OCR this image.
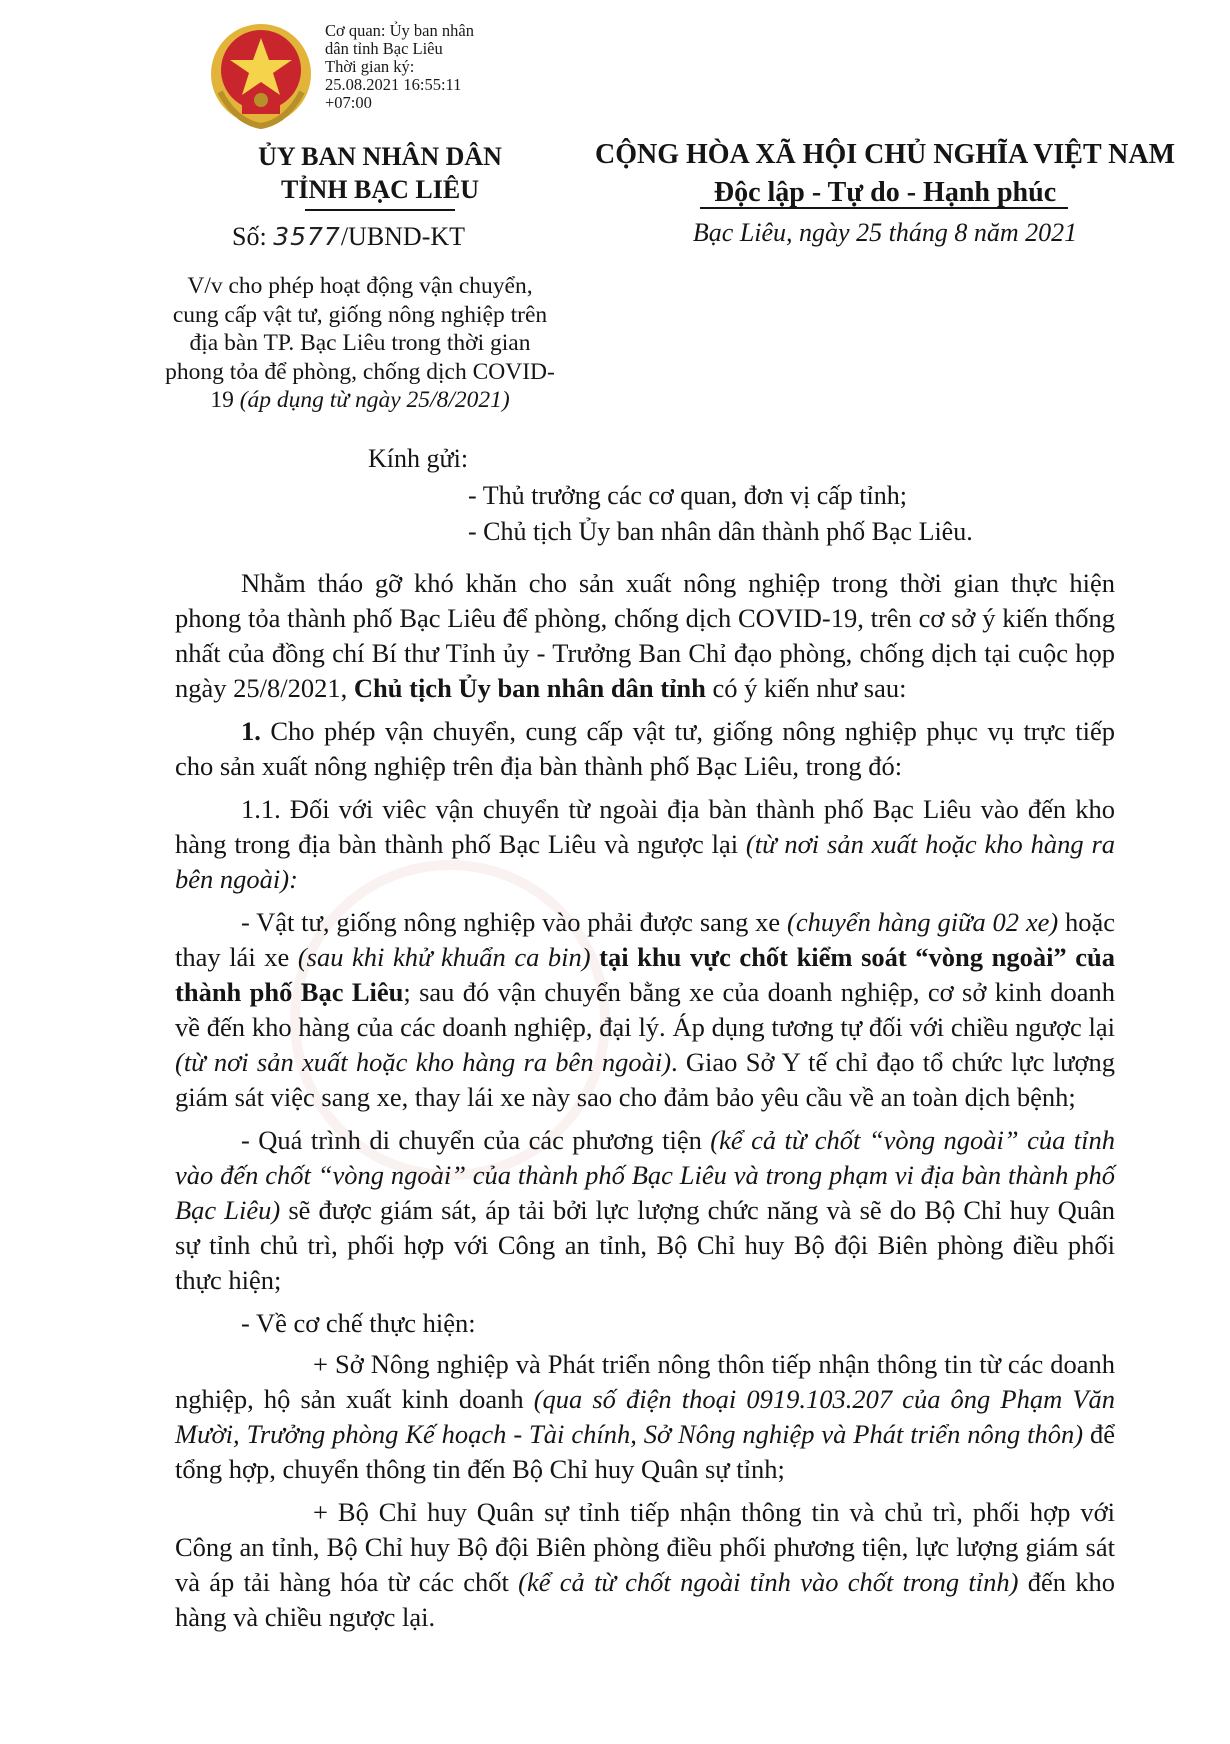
Cơ quan: Ủy ban nhân
dân tỉnh Bạc Liêu
Thời gian ký:
25.08.2021 16:55:11
+07:00
ỦY BAN NHÂN DÂN
TỈNH BẠC LIÊU
CỘNG HÒA XÃ HỘI CHỦ NGHĨA VIỆT NAM
Độc lập - Tự do - Hạnh phúc
Số: 3577/UBND-KT	Bạc Liêu, ngày 25 tháng 8 năm 2021
V/v cho phép hoạt động vận chuyển,
cung cấp vật tư, giống nông nghiệp trên
địa bàn TP. Bạc Liêu trong thời gian
phong tỏa để phòng, chống dịch COVID-
19 (áp dụng từ ngày 25/8/2021)
Kính gửi:
- Thủ trưởng các cơ quan, đơn vị cấp tỉnh;
- Chủ tịch Ủy ban nhân dân thành phố Bạc Liêu.

Nhằm tháo gỡ khó khăn cho sản xuất nông nghiệp trong thời gian thực hiện phong tỏa thành phố Bạc Liêu để phòng, chống dịch COVID-19, trên cơ sở ý kiến thống nhất của đồng chí Bí thư Tỉnh ủy - Trưởng Ban Chỉ đạo phòng, chống dịch tại cuộc họp ngày 25/8/2021, Chủ tịch Ủy ban nhân dân tỉnh có ý kiến như sau:

1. Cho phép vận chuyển, cung cấp vật tư, giống nông nghiệp phục vụ trực tiếp cho sản xuất nông nghiệp trên địa bàn thành phố Bạc Liêu, trong đó:

1.1. Đối với viêc vận chuyển từ ngoài địa bàn thành phố Bạc Liêu vào đến kho hàng trong địa bàn thành phố Bạc Liêu và ngược lại (từ nơi sản xuất hoặc kho hàng ra bên ngoài):

- Vật tư, giống nông nghiệp vào phải được sang xe (chuyển hàng giữa 02 xe) hoặc thay lái xe (sau khi khử khuẩn ca bin) tại khu vực chốt kiểm soát “vòng ngoài” của thành phố Bạc Liêu; sau đó vận chuyển bằng xe của doanh nghiệp, cơ sở kinh doanh về đến kho hàng của các doanh nghiệp, đại lý. Áp dụng tương tự đối với chiều ngược lại (từ nơi sản xuất hoặc kho hàng ra bên ngoài). Giao Sở Y tế chỉ đạo tổ chức lực lượng giám sát việc sang xe, thay lái xe này sao cho đảm bảo yêu cầu về an toàn dịch bệnh;

- Quá trình di chuyển của các phương tiện (kể cả từ chốt “vòng ngoài” của tỉnh vào đến chốt “vòng ngoài” của thành phố Bạc Liêu và trong phạm vi địa bàn thành phố Bạc Liêu) sẽ được giám sát, áp tải bởi lực lượng chức năng và sẽ do Bộ Chỉ huy Quân sự tỉnh chủ trì, phối hợp với Công an tỉnh, Bộ Chỉ huy Bộ đội Biên phòng điều phối thực hiện;

- Về cơ chế thực hiện:

+ Sở Nông nghiệp và Phát triển nông thôn tiếp nhận thông tin từ các doanh nghiệp, hộ sản xuất kinh doanh (qua số điện thoại 0919.103.207 của ông Phạm Văn Mười, Trưởng phòng Kế hoạch - Tài chính, Sở Nông nghiệp và Phát triển nông thôn) để tổng hợp, chuyển thông tin đến Bộ Chỉ huy Quân sự tỉnh;

+ Bộ Chỉ huy Quân sự tỉnh tiếp nhận thông tin và chủ trì, phối hợp với Công an tỉnh, Bộ Chỉ huy Bộ đội Biên phòng điều phối phương tiện, lực lượng giám sát và áp tải hàng hóa từ các chốt (kể cả từ chốt ngoài tỉnh vào chốt trong tỉnh) đến kho hàng và chiều ngược lại.
